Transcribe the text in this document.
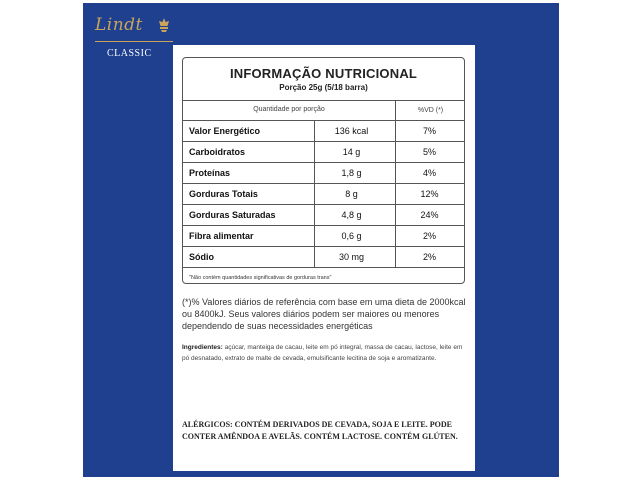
Lindt
CLASSIC
INFORMAÇÃO NUTRICIONAL
Porção 25g (5/18 barra)
Quantidade por porção	%VD (*)
Valor Energético	136 kcal	7%
Carboidratos	14 g	5%
Proteínas	1,8 g	4%
Gorduras Totais	8 g	12%
Gorduras Saturadas	4,8 g	24%
Fibra alimentar	0,6 g	2%
Sódio	30 mg	2%
"Não contém quantidades significativas de gorduras trans"
(*)% Valores diários de referência com base em uma dieta de 2000kcal ou 8400kJ. Seus valores diários podem ser maiores ou menores dependendo de suas necessidades energéticas
Ingredientes: açúcar, manteiga de cacau, leite em pó integral, massa de cacau, lactose, leite em pó desnatado, extrato de malte de cevada, emulsificante lecitina de soja e aromatizante.
ALÉRGICOS: CONTÉM DERIVADOS DE CEVADA, SOJA E LEITE. PODE CONTER AMÊNDOA E AVELÃS. CONTÉM LACTOSE. CONTÉM GLÚTEN.
